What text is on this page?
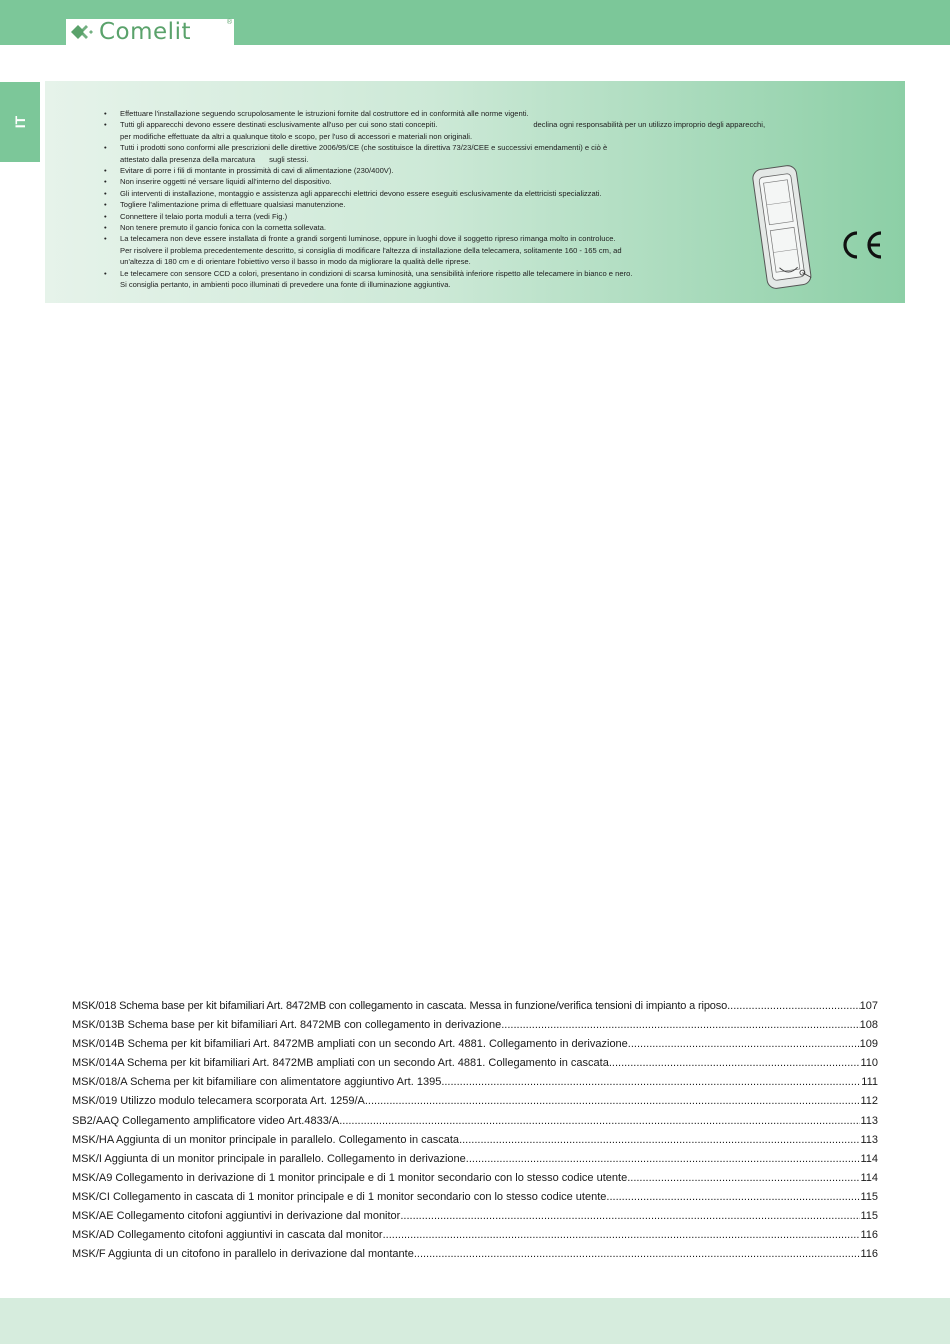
Comelit	®
IT
• Effettuare l'installazione seguendo scrupolosamente le istruzioni fornite dal costruttore ed in conformità alle norme vigenti.
• Tutti gli apparecchi devono essere destinati esclusivamente all'uso per cui sono stati concepiti.	declina ogni responsabilità per un utilizzo improprio degli apparecchi,
per modifiche effettuate da altri a qualunque titolo e scopo, per l'uso di accessori e materiali non originali.
• Tutti i prodotti sono conformi alle prescrizioni delle direttive 2006/95/CE (che sostituisce la direttiva 73/23/CEE e successivi emendamenti) e ciò è
attestato dalla presenza della marcatura sugli stessi.
• Evitare di porre i fili di montante in prossimità di cavi di alimentazione (230/400V).
• Non inserire oggetti né versare liquidi all'interno del dispositivo.
• Gli interventi di installazione, montaggio e assistenza agli apparecchi elettrici devono essere eseguiti esclusivamente da elettricisti specializzati.
• Togliere l'alimentazione prima di effettuare qualsiasi manutenzione.
• Connettere il telaio porta moduli a terra (vedi Fig.)
• Non tenere premuto il gancio fonica con la cornetta sollevata.
• La telecamera non deve essere installata di fronte a grandi sorgenti luminose, oppure in luoghi dove il soggetto ripreso rimanga molto in controluce.
Per risolvere il problema precedentemente descritto, si consiglia di modificare l'altezza di installazione della telecamera, solitamente 160 - 165 cm, ad
un'altezza di 180 cm e di orientare l'obiettivo verso il basso in modo da migliorare la qualità delle riprese.
• Le telecamere con sensore CCD a colori, presentano in condizioni di scarsa luminosità, una sensibilità inferiore rispetto alle telecamere in bianco e nero.
Si consiglia pertanto, in ambienti poco illuminati di prevedere una fonte di illuminazione aggiuntiva.
MSK/018 Schema base per kit bifamiliari Art. 8472MB con collegamento in cascata. Messa in funzione/verifica tensioni di impianto a riposo .....	107
MSK/013B Schema base per kit bifamiliari Art. 8472MB con collegamento in derivazione .....	108
MSK/014B Schema per kit bifamiliari Art. 8472MB ampliati con un secondo Art. 4881. Collegamento in derivazione .....	109
MSK/014A Schema per kit bifamiliari Art. 8472MB ampliati con un secondo Art. 4881. Collegamento in cascata .....	110
MSK/018/A Schema per kit bifamiliare con alimentatore aggiuntivo Art. 1395 .....	111
MSK/019 Utilizzo modulo telecamera scorporata Art. 1259/A .....	112
SB2/AAQ Collegamento amplificatore video Art.4833/A .....	113
MSK/HA Aggiunta di un monitor principale in parallelo. Collegamento in cascata .....	113
MSK/I Aggiunta di un monitor principale in parallelo. Collegamento in derivazione .....	114
MSK/A9 Collegamento in derivazione di 1 monitor principale e di 1 monitor secondario con lo stesso codice utente .....	114
MSK/CI Collegamento in cascata di 1 monitor principale e di 1 monitor secondario con lo stesso codice utente .....	115
MSK/AE Collegamento citofoni aggiuntivi in derivazione dal monitor .....	115
MSK/AD Collegamento citofoni aggiuntivi in cascata dal monitor .....	116
MSK/F Aggiunta di un citofono in parallelo in derivazione dal montante .....	116
